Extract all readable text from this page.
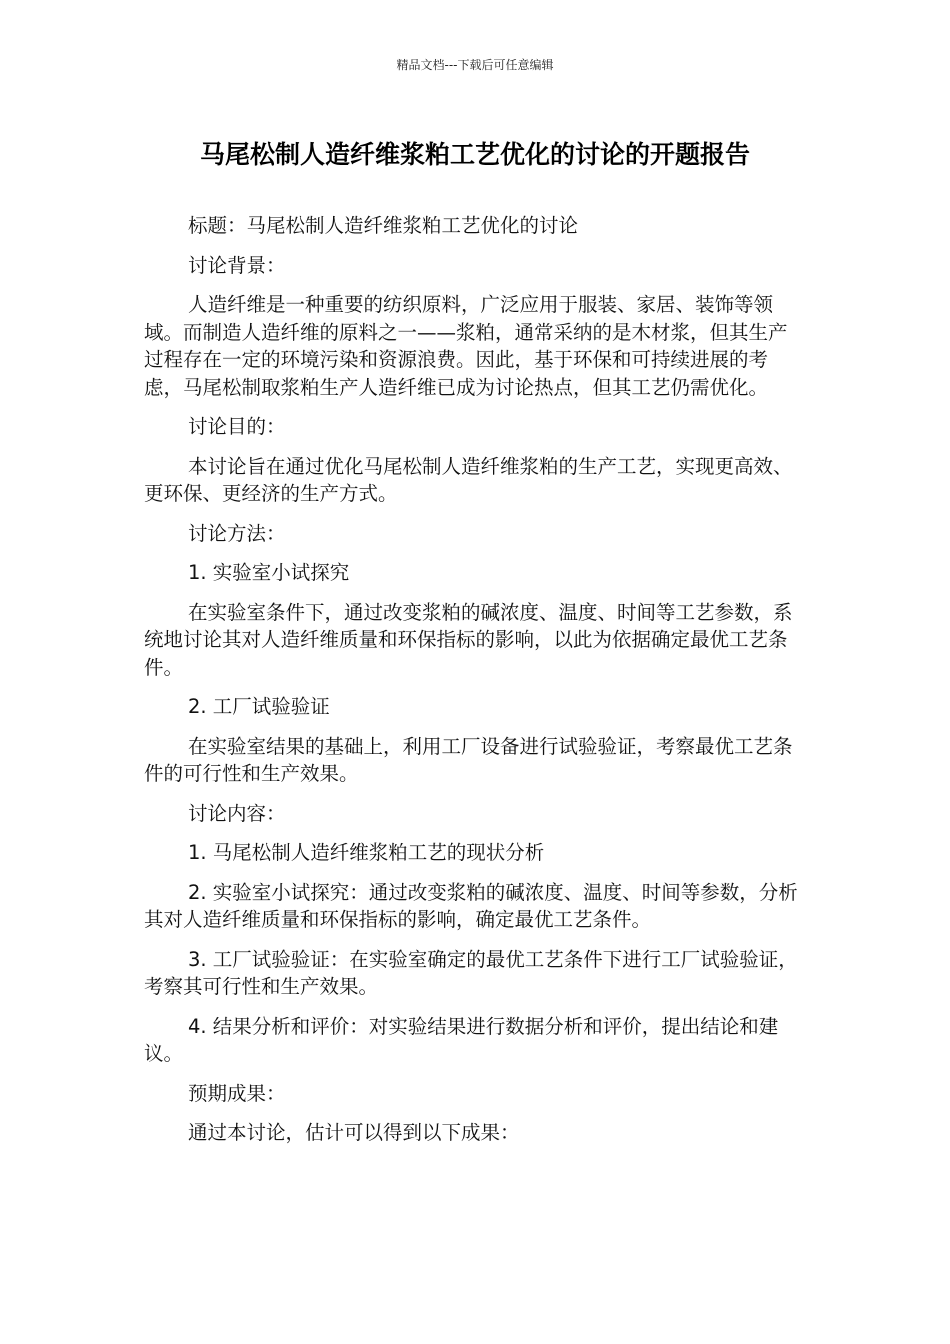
精品文档---下载后可任意编辑
马尾松制人造纤维浆粕工艺优化的讨论的开题报告

标题：马尾松制人造纤维浆粕工艺优化的讨论

讨论背景：

人造纤维是一种重要的纺织原料，广泛应用于服装、家居、装饰等领域。而制造人造纤维的原料之一——浆粕，通常采纳的是木材浆，但其生产过程存在一定的环境污染和资源浪费。因此，基于环保和可持续进展的考虑，马尾松制取浆粕生产人造纤维已成为讨论热点，但其工艺仍需优化。

讨论目的：

本讨论旨在通过优化马尾松制人造纤维浆粕的生产工艺，实现更高效、更环保、更经济的生产方式。

讨论方法：

1. 实验室小试探究

在实验室条件下，通过改变浆粕的碱浓度、温度、时间等工艺参数，系统地讨论其对人造纤维质量和环保指标的影响，以此为依据确定最优工艺条件。

2. 工厂试验验证

在实验室结果的基础上，利用工厂设备进行试验验证，考察最优工艺条件的可行性和生产效果。

讨论内容：

1. 马尾松制人造纤维浆粕工艺的现状分析

2. 实验室小试探究：通过改变浆粕的碱浓度、温度、时间等参数，分析其对人造纤维质量和环保指标的影响，确定最优工艺条件。

3. 工厂试验验证：在实验室确定的最优工艺条件下进行工厂试验验证，考察其可行性和生产效果。

4. 结果分析和评价：对实验结果进行数据分析和评价，提出结论和建议。

预期成果：

通过本讨论，估计可以得到以下成果：
